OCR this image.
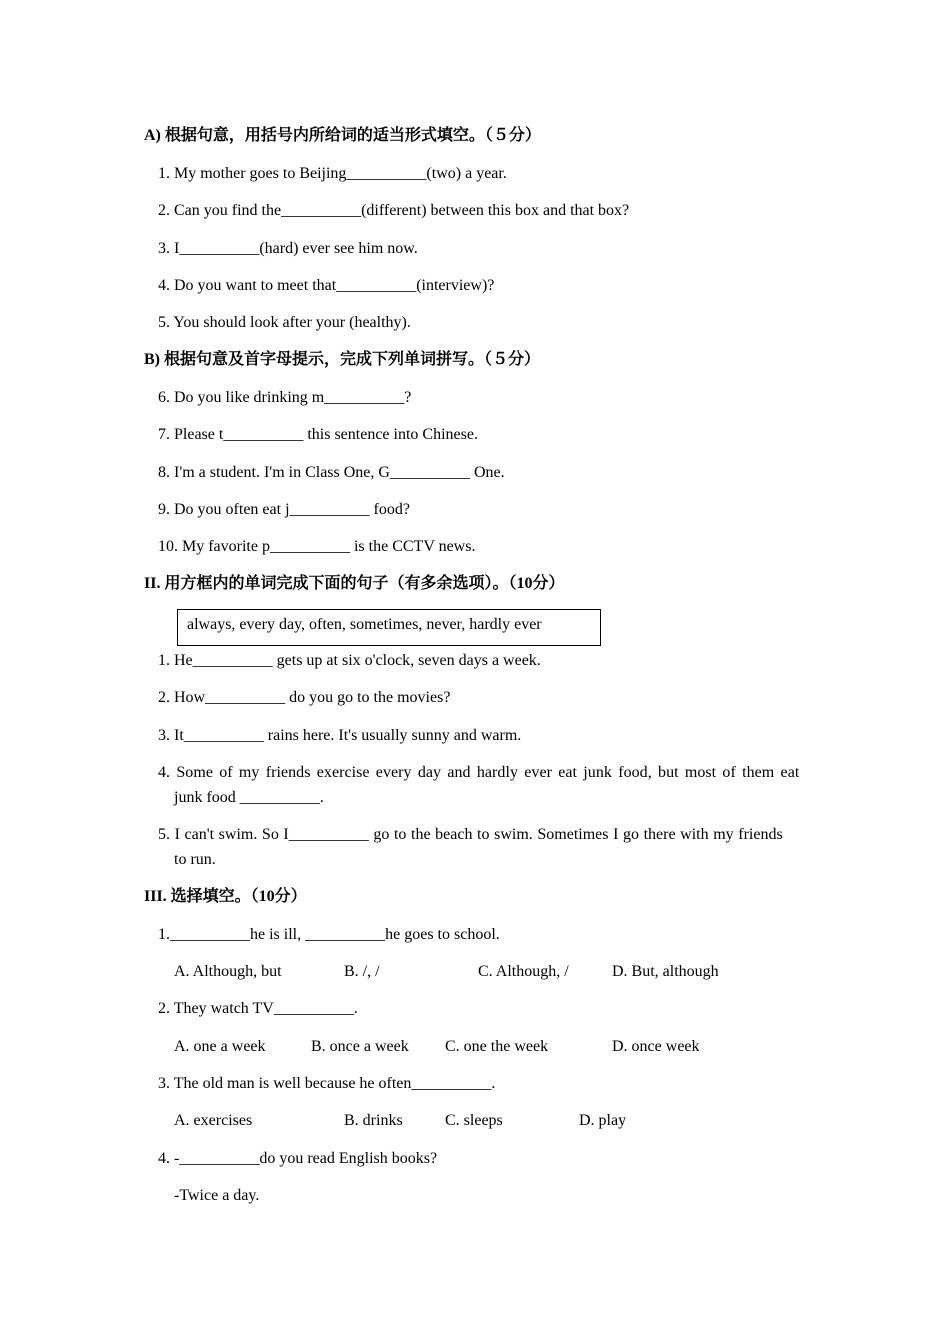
A) 根据句意，用括号内所给词的适当形式填空。（５分）
1. My mother goes to Beijing__________(two) a year.
2. Can you find the__________(different) between this box and that box?
3. I__________(hard) ever see him now.
4. Do you want to meet that__________(interview)?
5. You should look after your (healthy).
B) 根据句意及首字母提示，完成下列单词拼写。（５分）
6. Do you like drinking m__________?
7. Please t__________ this sentence into Chinese.
8. I'm a student. I'm in Class One, G__________ One.
9. Do you often eat j__________ food?
10. My favorite p__________ is the CCTV news.
II. 用方框内的单词完成下面的句子（有多余选项）。（10分）
always, every day, often, sometimes, never, hardly ever
1. He__________ gets up at six o'clock, seven days a week.
2. How__________ do you go to the movies?
3. It__________ rains here. It's usually sunny and warm.
4. Some of my friends exercise every day and hardly ever eat junk food, but most of them eat
junk food __________.
5. I can't swim. So I__________ go to the beach to swim. Sometimes I go there with my friends
to run.
III. 选择填空。（10分）
1.__________he is ill, __________he goes to school.
A. Although, but	B. /, /	C. Although, /	D. But, although
2. They watch TV__________.
A. one a week	B. once a week C. one the week	D. once week
3. The old man is well because he often__________.
A. exercises	B. drinks	C. sleeps	D. play
4. -__________do you read English books?
-Twice a day.
